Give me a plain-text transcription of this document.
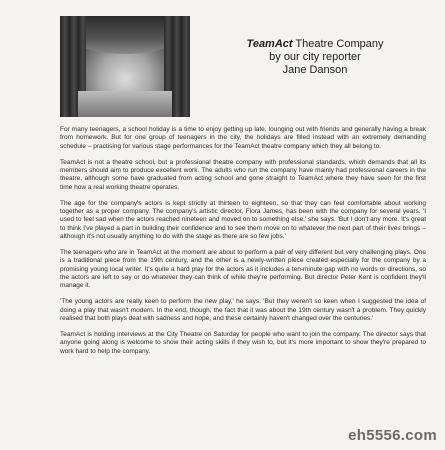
TeamAct Theatre Company
by our city reporter
Jane Danson

For many teenagers, a school holiday is a time to enjoy getting up late, lounging out with friends and generally having a break from homework. But for one group of teenagers in the city, the holidays are filled instead with an extremely demanding schedule – practising for various stage performances for the TeamAct theatre company which they all belong to.

TeamAct is not a theatre school, but a professional theatre company with professional standards, which demands that all its members should aim to produce excellent work. The adults who run the company have mainly had professional careers in the theatre, although some have graduated from acting school and gone straight to TeamAct where they have seen for the first time how a real working theatre operates.

The age for the company's actors is kept strictly at thirteen to eighteen, so that they can feel comfortable about working together as a proper company. The company's artistic director, Flora James, has been with the company for several years. 'I used to feel sad when the actors reached nineteen and moved on to something else,' she says. 'But I don't any more. It's great to think I've played a part in building their confidence and to see them move on to whatever the next part of their lives brings – although it's not usually anything to do with the stage as there are so few jobs.'

The teenagers who are in TeamAct at the moment are about to perform a pair of very different but very challenging plays. One is a traditional piece from the 19th century, and the other is a newly-written piece created especially for the company by a promising young local writer. It's quite a hard play for the actors as it includes a ten-minute gap with no words or directions, so the actors are left to say or do whatever they can think of while they're performing. But director Peter Kent is confident they'll manage it.

'The young actors are really keen to perform the new play,' he says. 'But they weren't so keen when I suggested the idea of doing a play that wasn't modern. In the end, though, the fact that it was about the 19th century wasn't a problem. They quickly realised that both plays deal with sadness and hope, and these certainly haven't changed over the centuries.'

TeamAct is holding interviews at the City Theatre on Saturday for people who want to join the company. The director says that anyone going along is welcome to show their acting skills if they wish to, but it's more important to show they're prepared to work hard to help the company.

eh5556.com
